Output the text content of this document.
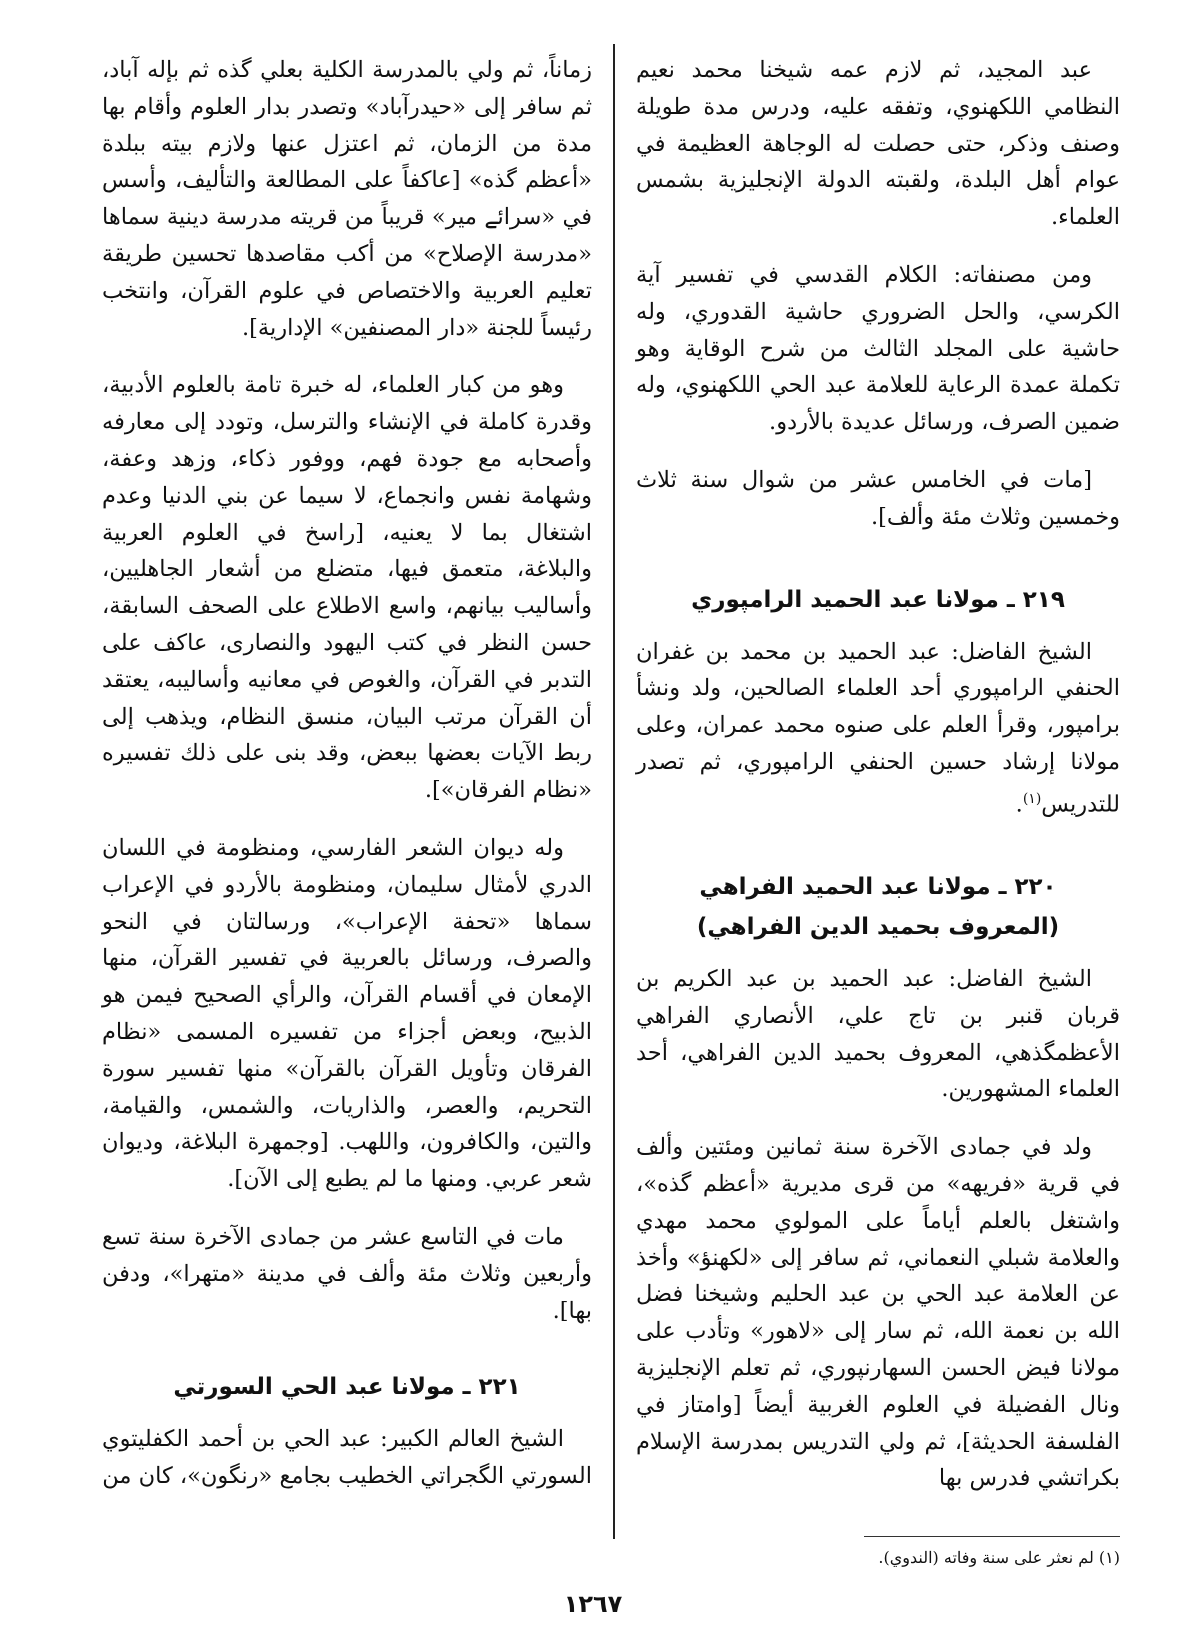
عبد المجيد، ثم لازم عمه شيخنا محمد نعيم النظامي اللكهنوي، وتفقه عليه، ودرس مدة طويلة وصنف وذكر، حتى حصلت له الوجاهة العظيمة في عوام أهل البلدة، ولقبته الدولة الإنجليزية بشمس العلماء.

ومن مصنفاته: الكلام القدسي في تفسير آية الكرسي، والحل الضروري حاشية القدوري، وله حاشية على المجلد الثالث من شرح الوقاية وهو تكملة عمدة الرعاية للعلامة عبد الحي اللكهنوي، وله ضمين الصرف، ورسائل عديدة بالأردو.

[مات في الخامس عشر من شوال سنة ثلاث وخمسين وثلاث مئة وألف].

٢١٩ ـ مولانا عبد الحميد الرامپوري

الشيخ الفاضل: عبد الحميد بن محمد بن غفران الحنفي الرامپوري أحد العلماء الصالحين، ولد ونشأ برامپور، وقرأ العلم على صنوه محمد عمران، وعلى مولانا إرشاد حسين الحنفي الرامپوري، ثم تصدر للتدريس$^{(١)}$.

٢٢٠ ـ مولانا عبد الحميد الفراهي
(المعروف بحميد الدين الفراهي)

الشيخ الفاضل: عبد الحميد بن عبد الكريم بن قربان قنبر بن تاج علي، الأنصاري الفراهي الأعظمگذهي، المعروف بحميد الدين الفراهي، أحد العلماء المشهورين.

ولد في جمادى الآخرة سنة ثمانين ومئتين وألف في قرية «فريهه» من قرى مديرية «أعظم گذه»، واشتغل بالعلم أياماً على المولوي محمد مهدي والعلامة شبلي النعماني، ثم سافر إلى «لكهنؤ» وأخذ عن العلامة عبد الحي بن عبد الحليم وشيخنا فضل الله بن نعمة الله، ثم سار إلى «لاهور» وتأدب على مولانا فيض الحسن السهارنپوري، ثم تعلم الإنجليزية ونال الفضيلة في العلوم الغربية أيضاً [وامتاز في الفلسفة الحديثة]، ثم ولي التدريس بمدرسة الإسلام بكراتشي فدرس بها

زماناً، ثم ولي بالمدرسة الكلية بعلي گذه ثم بإله آباد، ثم سافر إلى «حيدرآباد» وتصدر بدار العلوم وأقام بها مدة من الزمان، ثم اعتزل عنها ولازم بيته ببلدة «أعظم گذه» [عاكفاً على المطالعة والتأليف، وأسس في «سرائے مير» قريباً من قريته مدرسة دينية سماها «مدرسة الإصلاح» من أكب مقاصدها تحسين طريقة تعليم العربية والاختصاص في علوم القرآن، وانتخب رئيساً للجنة «دار المصنفين» الإدارية].

وهو من كبار العلماء، له خبرة تامة بالعلوم الأدبية، وقدرة كاملة في الإنشاء والترسل، وتودد إلى معارفه وأصحابه مع جودة فهم، ووفور ذكاء، وزهد وعفة، وشهامة نفس وانجماع، لا سيما عن بني الدنيا وعدم اشتغال بما لا يعنيه، [راسخ في العلوم العربية والبلاغة، متعمق فيها، متضلع من أشعار الجاهليين، وأساليب بيانهم، واسع الاطلاع على الصحف السابقة، حسن النظر في كتب اليهود والنصارى، عاكف على التدبر في القرآن، والغوص في معانيه وأساليبه، يعتقد أن القرآن مرتب البيان، منسق النظام، ويذهب إلى ربط الآيات بعضها ببعض، وقد بنى على ذلك تفسيره «نظام الفرقان»].

وله ديوان الشعر الفارسي، ومنظومة في اللسان الدري لأمثال سليمان، ومنظومة بالأردو في الإعراب سماها «تحفة الإعراب»، ورسالتان في النحو والصرف، ورسائل بالعربية في تفسير القرآن، منها الإمعان في أقسام القرآن، والرأي الصحيح فيمن هو الذبيح، وبعض أجزاء من تفسيره المسمى «نظام الفرقان وتأويل القرآن بالقرآن» منها تفسير سورة التحريم، والعصر، والذاريات، والشمس، والقيامة، والتين، والكافرون، واللهب. [وجمهرة البلاغة، وديوان شعر عربي. ومنها ما لم يطبع إلى الآن].

مات في التاسع عشر من جمادى الآخرة سنة تسع وأربعين وثلاث مئة وألف في مدينة «متهرا»، ودفن بها].

٢٢١ ـ مولانا عبد الحي السورتي

الشيخ العالم الكبير: عبد الحي بن أحمد الكفليتوي السورتي الگجراتي الخطيب بجامع «رنگون»، كان من

(١) لم نعثر على سنة وفاته (الندوي).
١٢٦٧
